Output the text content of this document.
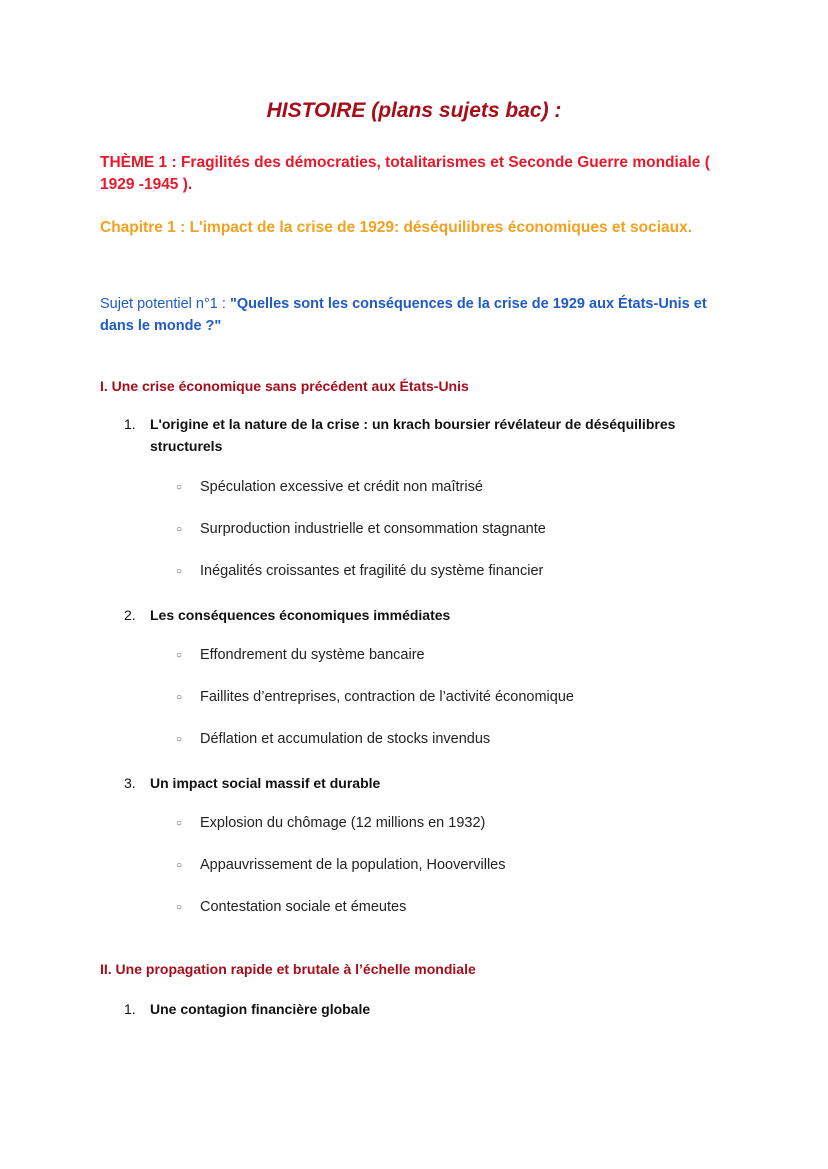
HISTOIRE (plans sujets bac) :
THÈME 1 : Fragilités des démocraties, totalitarismes et Seconde Guerre mondiale ( 1929 -1945 ).
Chapitre 1 : L'impact de la crise de 1929: déséquilibres économiques et sociaux.
Sujet potentiel n°1 : "Quelles sont les conséquences de la crise de 1929 aux États-Unis et dans le monde ?"
I. Une crise économique sans précédent aux États-Unis
1. L'origine et la nature de la crise : un krach boursier révélateur de déséquilibres structurels
○ Spéculation excessive et crédit non maîtrisé
○ Surproduction industrielle et consommation stagnante
○ Inégalités croissantes et fragilité du système financier
2. Les conséquences économiques immédiates
○ Effondrement du système bancaire
○ Faillites d’entreprises, contraction de l’activité économique
○ Déflation et accumulation de stocks invendus
3. Un impact social massif et durable
○ Explosion du chômage (12 millions en 1932)
○ Appauvrissement de la population, Hoovervilles
○ Contestation sociale et émeutes
II. Une propagation rapide et brutale à l’échelle mondiale
1. Une contagion financière globale
